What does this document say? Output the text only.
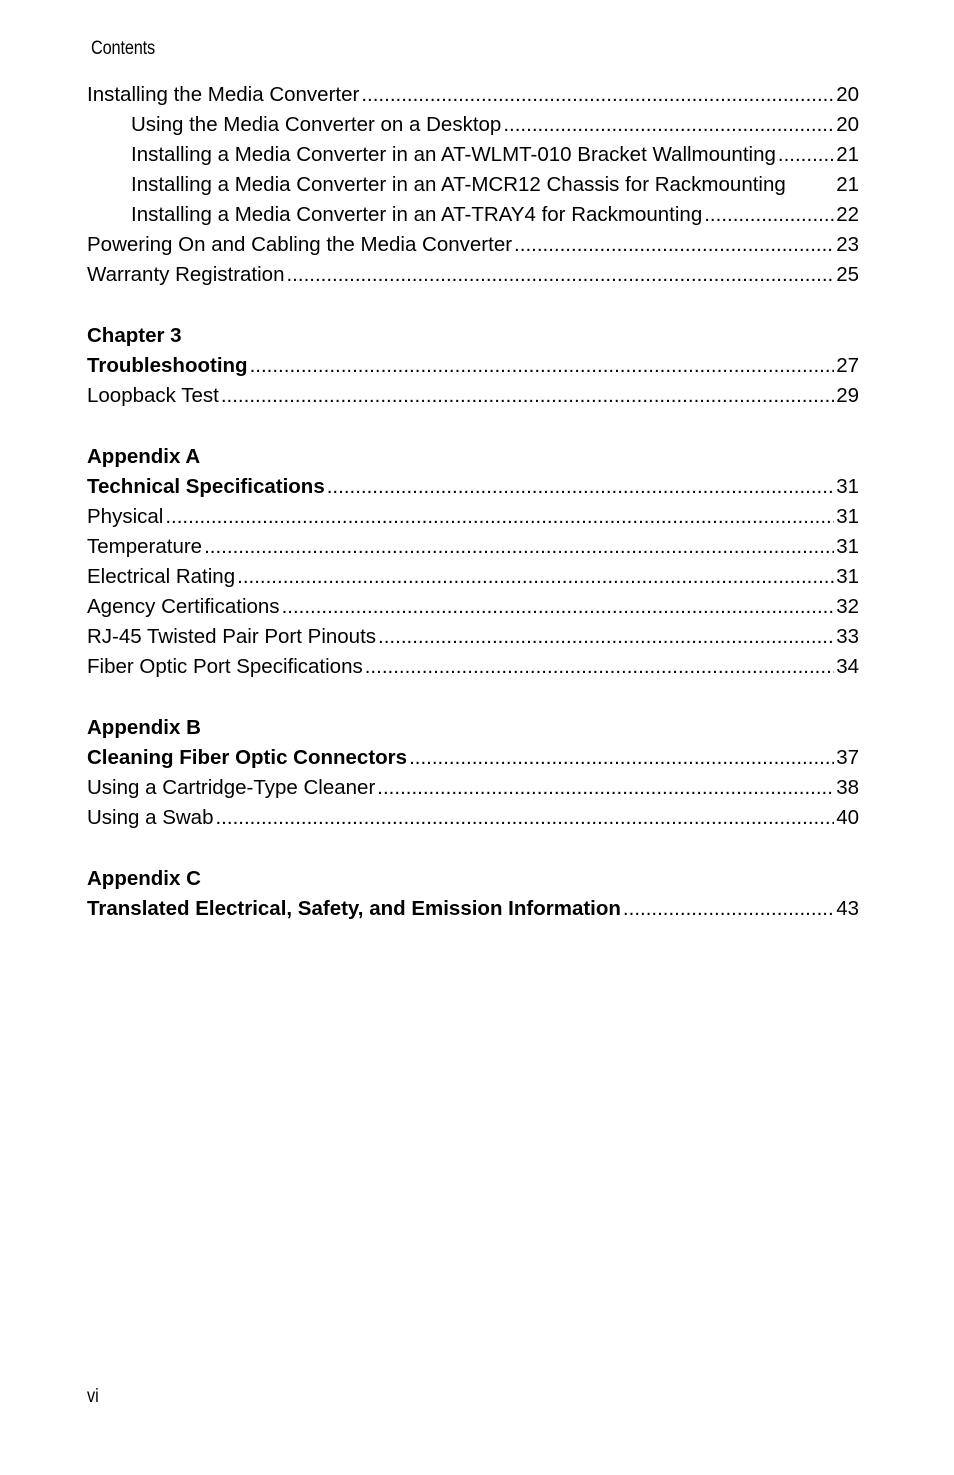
Contents
Installing the Media Converter .....	20
Using the Media Converter on a Desktop .....	20
Installing a Media Converter in an AT-WLMT-010 Bracket Wallmounting .....	21
Installing a Media Converter in an AT-MCR12 Chassis for Rackmounting 21
Installing a Media Converter in an AT-TRAY4 for Rackmounting .....	22
Powering On and Cabling the Media Converter .....	23
Warranty Registration .....	25
Chapter 3
Troubleshooting .....	27
Loopback Test .....	29
Appendix A
Technical Specifications .....	31
Physical .....	31
Temperature .....	31
Electrical Rating .....	31
Agency Certifications .....	32
RJ-45 Twisted Pair Port Pinouts .....	33
Fiber Optic Port Specifications .....	34
Appendix B
Cleaning Fiber Optic Connectors .....	37
Using a Cartridge-Type Cleaner .....	38
Using a Swab .....	40
Appendix C
Translated Electrical, Safety, and Emission Information .....	43
vi
